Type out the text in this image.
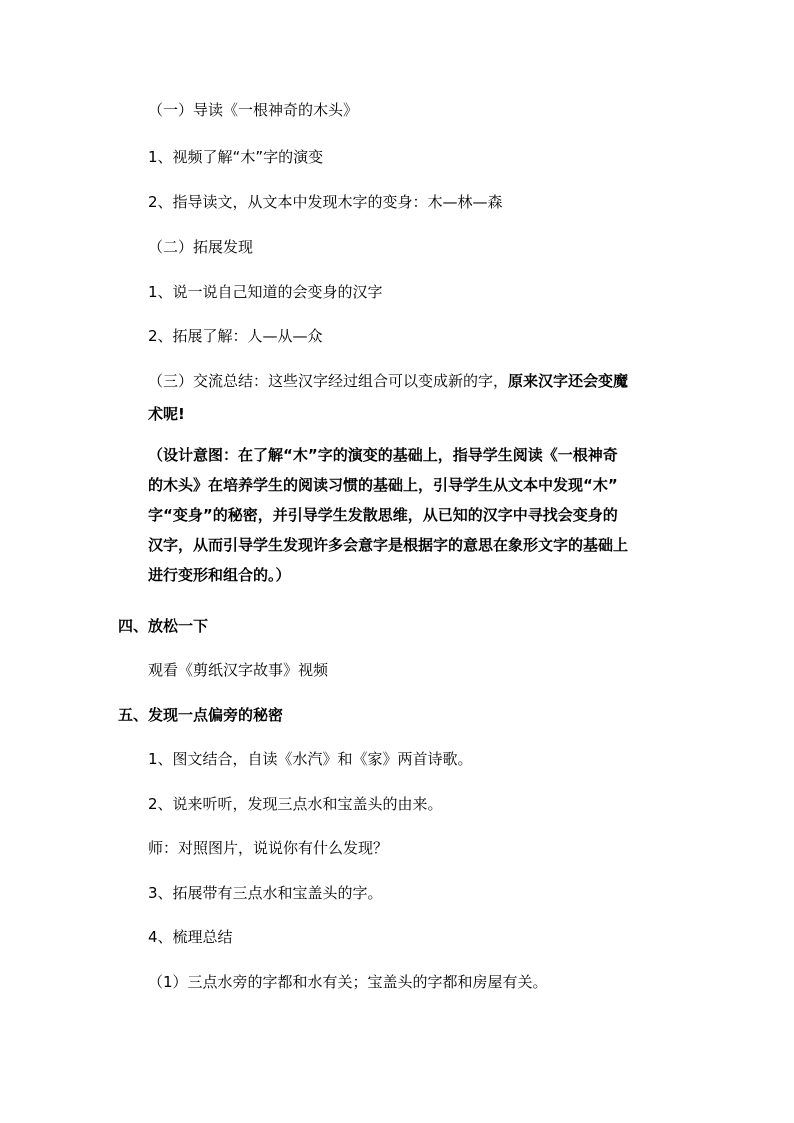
（一）导读《一根神奇的木头》
1、视频了解“木”字的演变
2、指导读文，从文本中发现木字的变身：木—林—森
（二）拓展发现
1、说一说自己知道的会变身的汉字
2、拓展了解：人—从—众
（三）交流总结：这些汉字经过组合可以变成新的字，原来汉字还会变魔
术呢!
（设计意图：在了解“木”字的演变的基础上，指导学生阅读《一根神奇
的木头》在培养学生的阅读习惯的基础上，引导学生从文本中发现“木”
字“变身”的秘密，并引导学生发散思维，从已知的汉字中寻找会变身的
汉字，从而引导学生发现许多会意字是根据字的意思在象形文字的基础上
进行变形和组合的。）
四、放松一下
观看《剪纸汉字故事》视频
五、发现一点偏旁的秘密
1、图文结合，自读《水汽》和《家》两首诗歌。
2、说来听听，发现三点水和宝盖头的由来。
师：对照图片，说说你有什么发现？
3、拓展带有三点水和宝盖头的字。
4、梳理总结
（1）三点水旁的字都和水有关；宝盖头的字都和房屋有关。
